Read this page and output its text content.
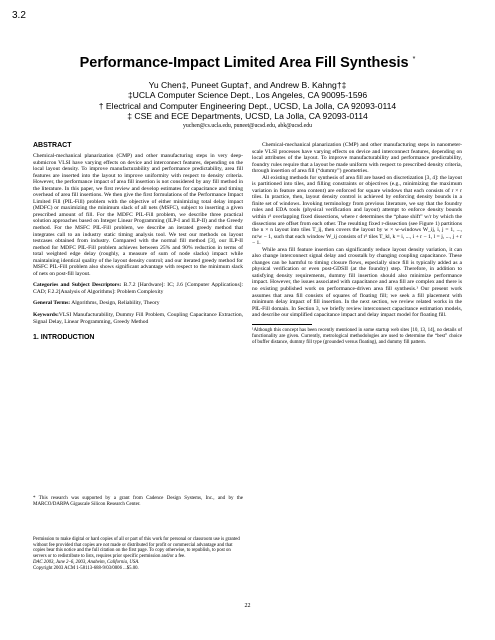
3.2
Performance-Impact Limited Area Fill Synthesis *
Yu Chen‡, Puneet Gupta†, and Andrew B. Kahng†‡
‡UCLA Computer Science Dept., Los Angeles, CA 90095-1596
† Electrical and Computer Engineering Dept., UCSD, La Jolla, CA 92093-0114
‡ CSE and ECE Departments, UCSD, La Jolla, CA 92093-0114
yuchen@cs.ucla.edu, puneet@ucsd.edu, abk@ucsd.edu
ABSTRACT

Chemical-mechanical planarization (CMP) and other manufacturing steps in very deep-submicron VLSI have varying effects on device and interconnect features, depending on the local layout density. To improve manufacturability and performance predictability, area fill features are inserted into the layout to improve uniformity with respect to density criteria. However, the performance impact of area fill insertion is not considered by any fill method in the literature. In this paper, we first review and develop estimates for capacitance and timing overhead of area fill insertions. We then give the first formulations of the Performance Impact Limited Fill (PIL-Fill) problem with the objective of either minimizing total delay impact (MDFC) or maximizing the minimum slack of all nets (MSFC), subject to inserting a given prescribed amount of fill. For the MDFC PIL-Fill problem, we describe three practical solution approaches based on Integer Linear Programming (ILP-I and ILP-II) and the Greedy method. For the MSFC PIL-Fill problem, we describe an iterated greedy method that integrates call to an industry static timing analysis tool. We test our methods on layout testcases obtained from industry. Compared with the normal fill method [3], our ILP-II method for MDFC PIL-Fill problem achieves between 25% and 90% reduction in terms of total weighted edge delay (roughly, a measure of sum of node slacks) impact while maintaining identical quality of the layout density control; and our iterated greedy method for MSFC PIL-Fill problem also shows significant advantage with respect to the minimum slack of nets on post-fill layout.

Categories and Subject Descriptors: B.7.2 [Hardware]: IC; J.6 [Computer Applications]: CAD; F.2.2[Analysis of Algorithms]: Problem Complexity

General Terms: Algorithms, Design, Reliability, Theory

Keywords:VLSI Manufacturability, Dummy Fill Problem, Coupling Capacitance Extraction, Signal Delay, Linear Programming, Greedy Method

1. INTRODUCTION

* This research was supported by a grant from Cadence Design Systems, Inc., and by the MARCO/DARPA Gigascale Silicon Research Center.

Permission to make digital or hard copies of all or part of this work for personal or classroom use is granted without fee provided that copies are not made or distributed for profit or commercial advantage and that copies bear this notice and the full citation on the first page. To copy otherwise, to republish, to post on servers or to redistribute to lists, requires prior specific permission and/or a fee.

DAC 2003, June 2–6, 2003, Anaheim, California, USA.

Copyright 2003 ACM 1-58113-688-9/03/0006 ...$5.00.

Chemical-mechanical planarization (CMP) and other manufacturing steps in nanometer-scale VLSI processes have varying effects on device and interconnect features, depending on local attributes of the layout. To improve manufacturability and performance predictability, foundry rules require that a layout be made uniform with respect to prescribed density criteria, through insertion of area fill (“dummy”) geometries.

All existing methods for synthesis of area fill are based on discretization [3, 4]: the layout is partitioned into tiles, and filling constraints or objectives (e.g., minimizing the maximum variation in feature area content) are enforced for square windows that each consists of r × r tiles. In practice, then, layout density control is achieved by enforcing density bounds in a finite set of windows. Invoking terminology from previous literature, we say that the foundry rules and EDA tools (physical verification and layout) attempt to enforce density bounds within r² overlapping fixed dissections, where r determines the “phase shift” w/r by which the dissections are offset from each other. The resulting fixed r-dissection (see Figure 1) partitions the n × n layout into tiles T_ij, then covers the layout by w × w-windows W_ij, i, j = 1, ..., nr/w − 1, such that each window W_ij consists of r² tiles T_kl, k = i, ..., i + r − 1, l = j, ..., j + r − 1.

While area fill feature insertion can significantly reduce layout density variation, it can also change interconnect signal delay and crosstalk by changing coupling capacitance. These changes can be harmful to timing closure flows, especially since fill is typically added as a physical verification or even post-GDSII (at the foundry) step. Therefore, in addition to satisfying density requirements, dummy fill insertion should also minimize performance impact. However, the issues associated with capacitance and area fill are complex and there is no existing published work on performance-driven area fill synthesis.¹ Our present work assumes that area fill consists of squares of floating fill; we seek a fill placement with minimum delay impact of fill insertion. In the next section, we review related works in the PIL-Fill domain. In Section 3, we briefly review interconnect capacitance estimation models, and describe our simplified capacitance impact and delay impact model for floating fill.

¹Although this concept has been recently mentioned in some startup web sites [10, 13, 14], no details of functionality are given. Currently, metrological methodologies are used to determine the “best” choice of buffer distance, dummy fill type (grounded versus floating), and dummy fill pattern.

22
